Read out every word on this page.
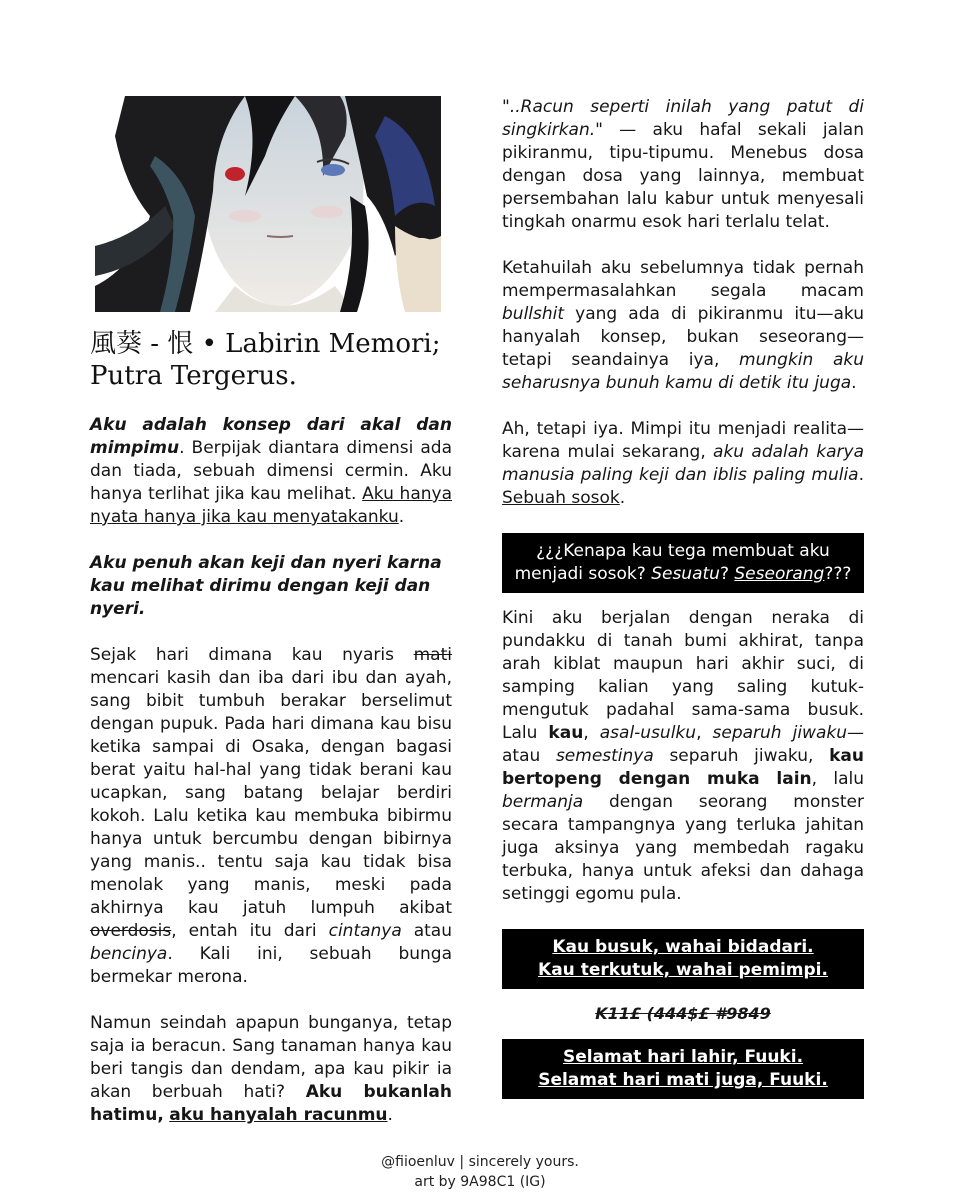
風葵 - 恨 • Labirin Memori;
Putra Tergerus.

Aku adalah konsep dari akal dan mimpimu. Berpijak diantara dimensi ada dan tiada, sebuah dimensi cermin. Aku hanya terlihat jika kau melihat. Aku hanya nyata hanya jika kau menyatakanku.

Aku penuh akan keji dan nyeri karna kau melihat dirimu dengan keji dan nyeri.

Sejak hari dimana kau nyaris mati mencari kasih dan iba dari ibu dan ayah, sang bibit tumbuh berakar berselimut dengan pupuk. Pada hari dimana kau bisu ketika sampai di Osaka, dengan bagasi berat yaitu hal-hal yang tidak berani kau ucapkan, sang batang belajar berdiri kokoh. Lalu ketika kau membuka bibirmu hanya untuk bercumbu dengan bibirnya yang manis.. tentu saja kau tidak bisa menolak yang manis, meski pada akhirnya kau jatuh lumpuh akibat overdosis, entah itu dari cintanya atau bencinya. Kali ini, sebuah bunga bermekar merona.

Namun seindah apapun bunganya, tetap saja ia beracun. Sang tanaman hanya kau beri tangis dan dendam, apa kau pikir ia akan berbuah hati? Aku bukanlah hatimu, aku hanyalah racunmu.

"..Racun seperti inilah yang patut di singkirkan." — aku hafal sekali jalan pikiranmu, tipu-tipumu. Menebus dosa dengan dosa yang lainnya, membuat persembahan lalu kabur untuk menyesali tingkah onarmu esok hari terlalu telat.

Ketahuilah aku sebelumnya tidak pernah mempermasalahkan segala macam bullshit yang ada di pikiranmu itu—aku hanyalah konsep, bukan seseorang—tetapi seandainya iya, mungkin aku seharusnya bunuh kamu di detik itu juga.

Ah, tetapi iya. Mimpi itu menjadi realita—karena mulai sekarang, aku adalah karya manusia paling keji dan iblis paling mulia. Sebuah sosok.

¿¿¿Kenapa kau tega membuat aku menjadi sosok? Sesuatu? Seseorang???

Kini aku berjalan dengan neraka di pundakku di tanah bumi akhirat, tanpa arah kiblat maupun hari akhir suci, di samping kalian yang saling kutuk-mengutuk padahal sama-sama busuk. Lalu kau, asal-usulku, separuh jiwaku—atau semestinya separuh jiwaku, kau bertopeng dengan muka lain, lalu bermanja dengan seorang monster secara tampangnya yang terluka jahitan juga aksinya yang membedah ragaku terbuka, hanya untuk afeksi dan dahaga setinggi egomu pula.

Kau busuk, wahai bidadari.
Kau terkutuk, wahai pemimpi.
K11£ (444$£ #9849
Selamat hari lahir, Fuuki.
Selamat hari mati juga, Fuuki.
@fiioenluv | sincerely yours.
art by 9A98C1 (IG)
